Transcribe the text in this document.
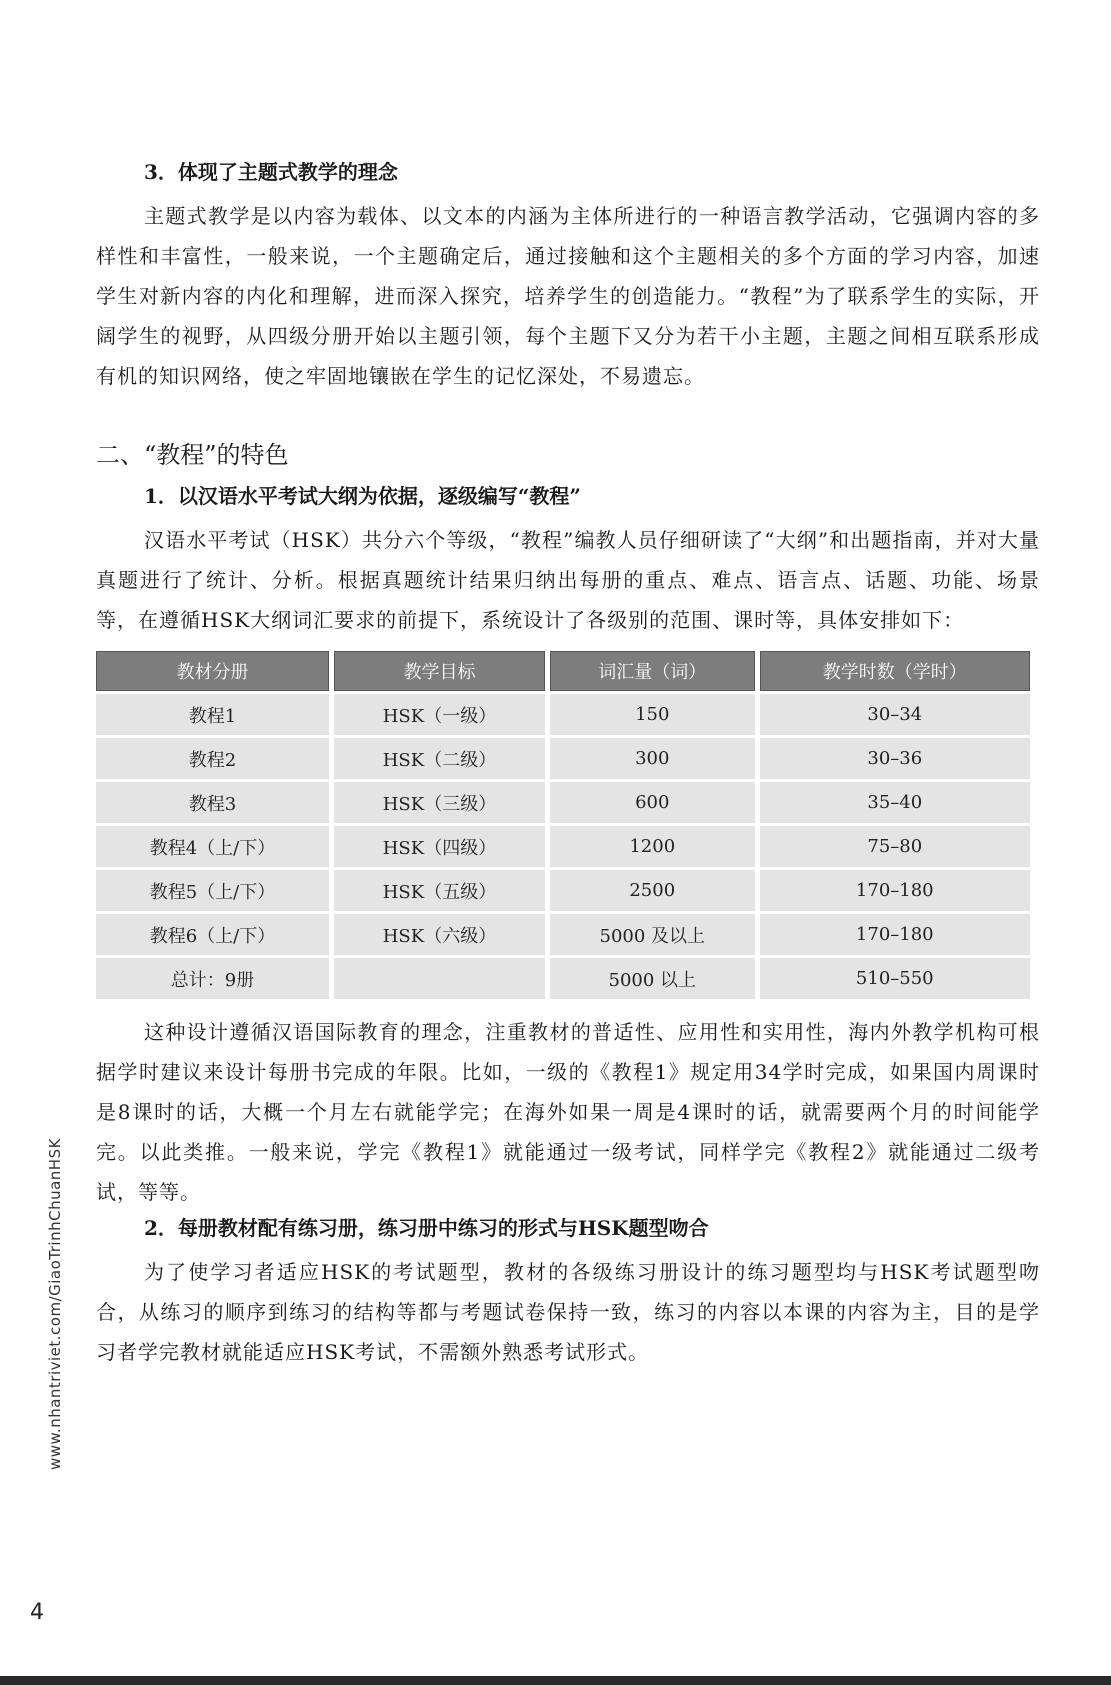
3．体现了主题式教学的理念

主题式教学是以内容为载体、以文本的内涵为主体所进行的一种语言教学活动，它强调内容的多样性和丰富性，一般来说，一个主题确定后，通过接触和这个主题相关的多个方面的学习内容，加速学生对新内容的内化和理解，进而深入探究，培养学生的创造能力。“教程”为了联系学生的实际，开阔学生的视野，从四级分册开始以主题引领，每个主题下又分为若干小主题，主题之间相互联系形成有机的知识网络，使之牢固地镶嵌在学生的记忆深处，不易遗忘。

二、“教程”的特色
1．以汉语水平考试大纲为依据，逐级编写“教程”

汉语水平考试（HSK）共分六个等级，“教程”编教人员仔细研读了“大纲”和出题指南，并对大量真题进行了统计、分析。根据真题统计结果归纳出每册的重点、难点、语言点、话题、功能、场景等，在遵循HSK大纲词汇要求的前提下，系统设计了各级别的范围、课时等，具体安排如下：

教材分册	教学目标	词汇量（词）	教学时数（学时）
教程1	HSK（一级）	150	30–34
教程2	HSK（二级）	300	30–36
教程3	HSK（三级）	600	35–40
教程4（上/下）	HSK（四级）	1200	75–80
教程5（上/下）	HSK（五级）	2500	170–180
教程6（上/下）	HSK（六级）	5000 及以上	170–180
总计：9册		5000 以上	510–550

这种设计遵循汉语国际教育的理念，注重教材的普适性、应用性和实用性，海内外教学机构可根据学时建议来设计每册书完成的年限。比如，一级的《教程1》规定用34学时完成，如果国内周课时是8课时的话，大概一个月左右就能学完；在海外如果一周是4课时的话，就需要两个月的时间能学完。以此类推。一般来说，学完《教程1》就能通过一级考试，同样学完《教程2》就能通过二级考试，等等。

2．每册教材配有练习册，练习册中练习的形式与HSK题型吻合

为了使学习者适应HSK的考试题型，教材的各级练习册设计的练习题型均与HSK考试题型吻合，从练习的顺序到练习的结构等都与考题试卷保持一致，练习的内容以本课的内容为主，目的是学习者学完教材就能适应HSK考试，不需额外熟悉考试形式。

www.nhantriviet.com/GiaoTrinhChuanHSK
4
